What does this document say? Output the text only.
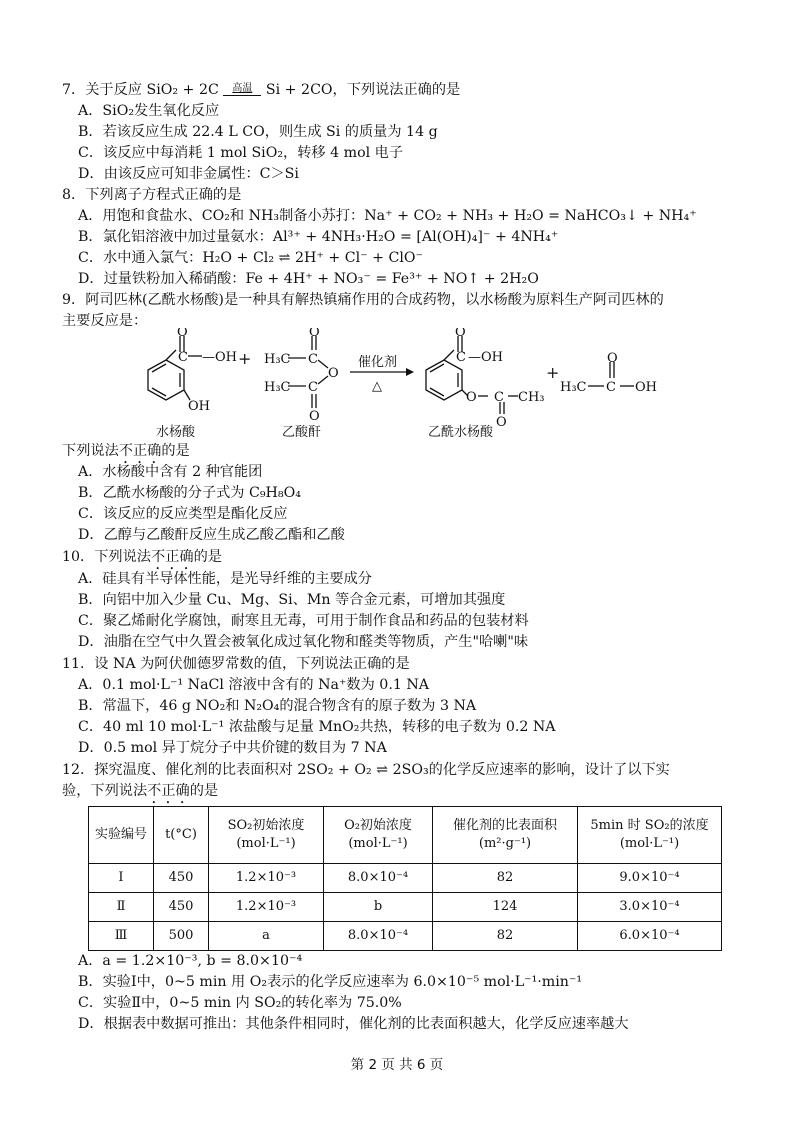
7．关于反应 SiO₂ + 2C	高温 Si + 2CO，下列说法正确的是
A．SiO₂发生氧化反应
B．若该反应生成 22.4 L CO，则生成 Si 的质量为 14 g
C．该反应中每消耗 1 mol SiO₂，转移 4 mol 电子
D．由该反应可知非金属性：C＞Si
8．下列离子方程式正确的是
A．用饱和食盐水、CO₂和 NH₃制备小苏打：Na⁺ + CO₂ + NH₃ + H₂O = NaHCO₃↓ + NH₄⁺
B．氯化铝溶液中加过量氨水：Al³⁺ + 4NH₃·H₂O = [Al(OH)₄]⁻ + 4NH₄⁺
C．水中通入氯气：H₂O + Cl₂ ⇌ 2H⁺ + Cl⁻ + ClO⁻
D．过量铁粉加入稀硝酸：Fe + 4H⁺ + NO₃⁻ = Fe³⁺ + NO↑ + 2H₂O
9．阿司匹林(乙酰水杨酸)是一种具有解热镇痛作用的合成药物，以水杨酸为原料生产阿司匹林的
主要反应是：
O
C —OH
OH
+
O
H₃C C
O
H₃C C
O
催化剂
△
O
C —OH
O C
O
CH₃
+
O
H₃C C OH
水杨酸	乙酸酐	乙酰水杨酸
下列说法不正确的是
A．水杨酸中含有 2 种官能团
B．乙酰水杨酸的分子式为 C₉H₈O₄
C．该反应的反应类型是酯化反应
D．乙醇与乙酸酐反应生成乙酸乙酯和乙酸
10．下列说法不正确的是
A．硅具有半导体性能，是光导纤维的主要成分
B．向铝中加入少量 Cu、Mg、Si、Mn 等合金元素，可增加其强度
C．聚乙烯耐化学腐蚀，耐寒且无毒，可用于制作食品和药品的包装材料
D．油脂在空气中久置会被氧化成过氧化物和醛类等物质，产生"哈喇"味
11．设 NA 为阿伏伽德罗常数的值，下列说法正确的是
A．0.1 mol·L⁻¹ NaCl 溶液中含有的 Na⁺数为 0.1 NA
B．常温下，46 g NO₂和 N₂O₄的混合物含有的原子数为 3 NA
C．40 ml 10 mol·L⁻¹ 浓盐酸与足量 MnO₂共热，转移的电子数为 0.2 NA
D．0.5 mol 异丁烷分子中共价键的数目为 7 NA
12．探究温度、催化剂的比表面积对 2SO₂ + O₂ ⇌ 2SO₃的化学反应速率的影响，设计了以下实
验，下列说法不正确的是
实验编号	t(°C)	SO₂初始浓度 (mol·L⁻¹)	O₂初始浓度 (mol·L⁻¹)	催化剂的比表面积 (m²·g⁻¹)	5min 时 SO₂的浓度 (mol·L⁻¹)
Ⅰ	450	1.2×10⁻³	8.0×10⁻⁴	82	9.0×10⁻⁴
Ⅱ	450	1.2×10⁻³	b	124	3.0×10⁻⁴
Ⅲ	500	a	8.0×10⁻⁴	82	6.0×10⁻⁴
A．a = 1.2×10⁻³, b = 8.0×10⁻⁴
B．实验Ⅰ中，0~5 min 用 O₂表示的化学反应速率为 6.0×10⁻⁵ mol·L⁻¹·min⁻¹
C．实验Ⅱ中，0~5 min 内 SO₂的转化率为 75.0%
D．根据表中数据可推出：其他条件相同时，催化剂的比表面积越大，化学反应速率越大
第 2 页 共 6 页
